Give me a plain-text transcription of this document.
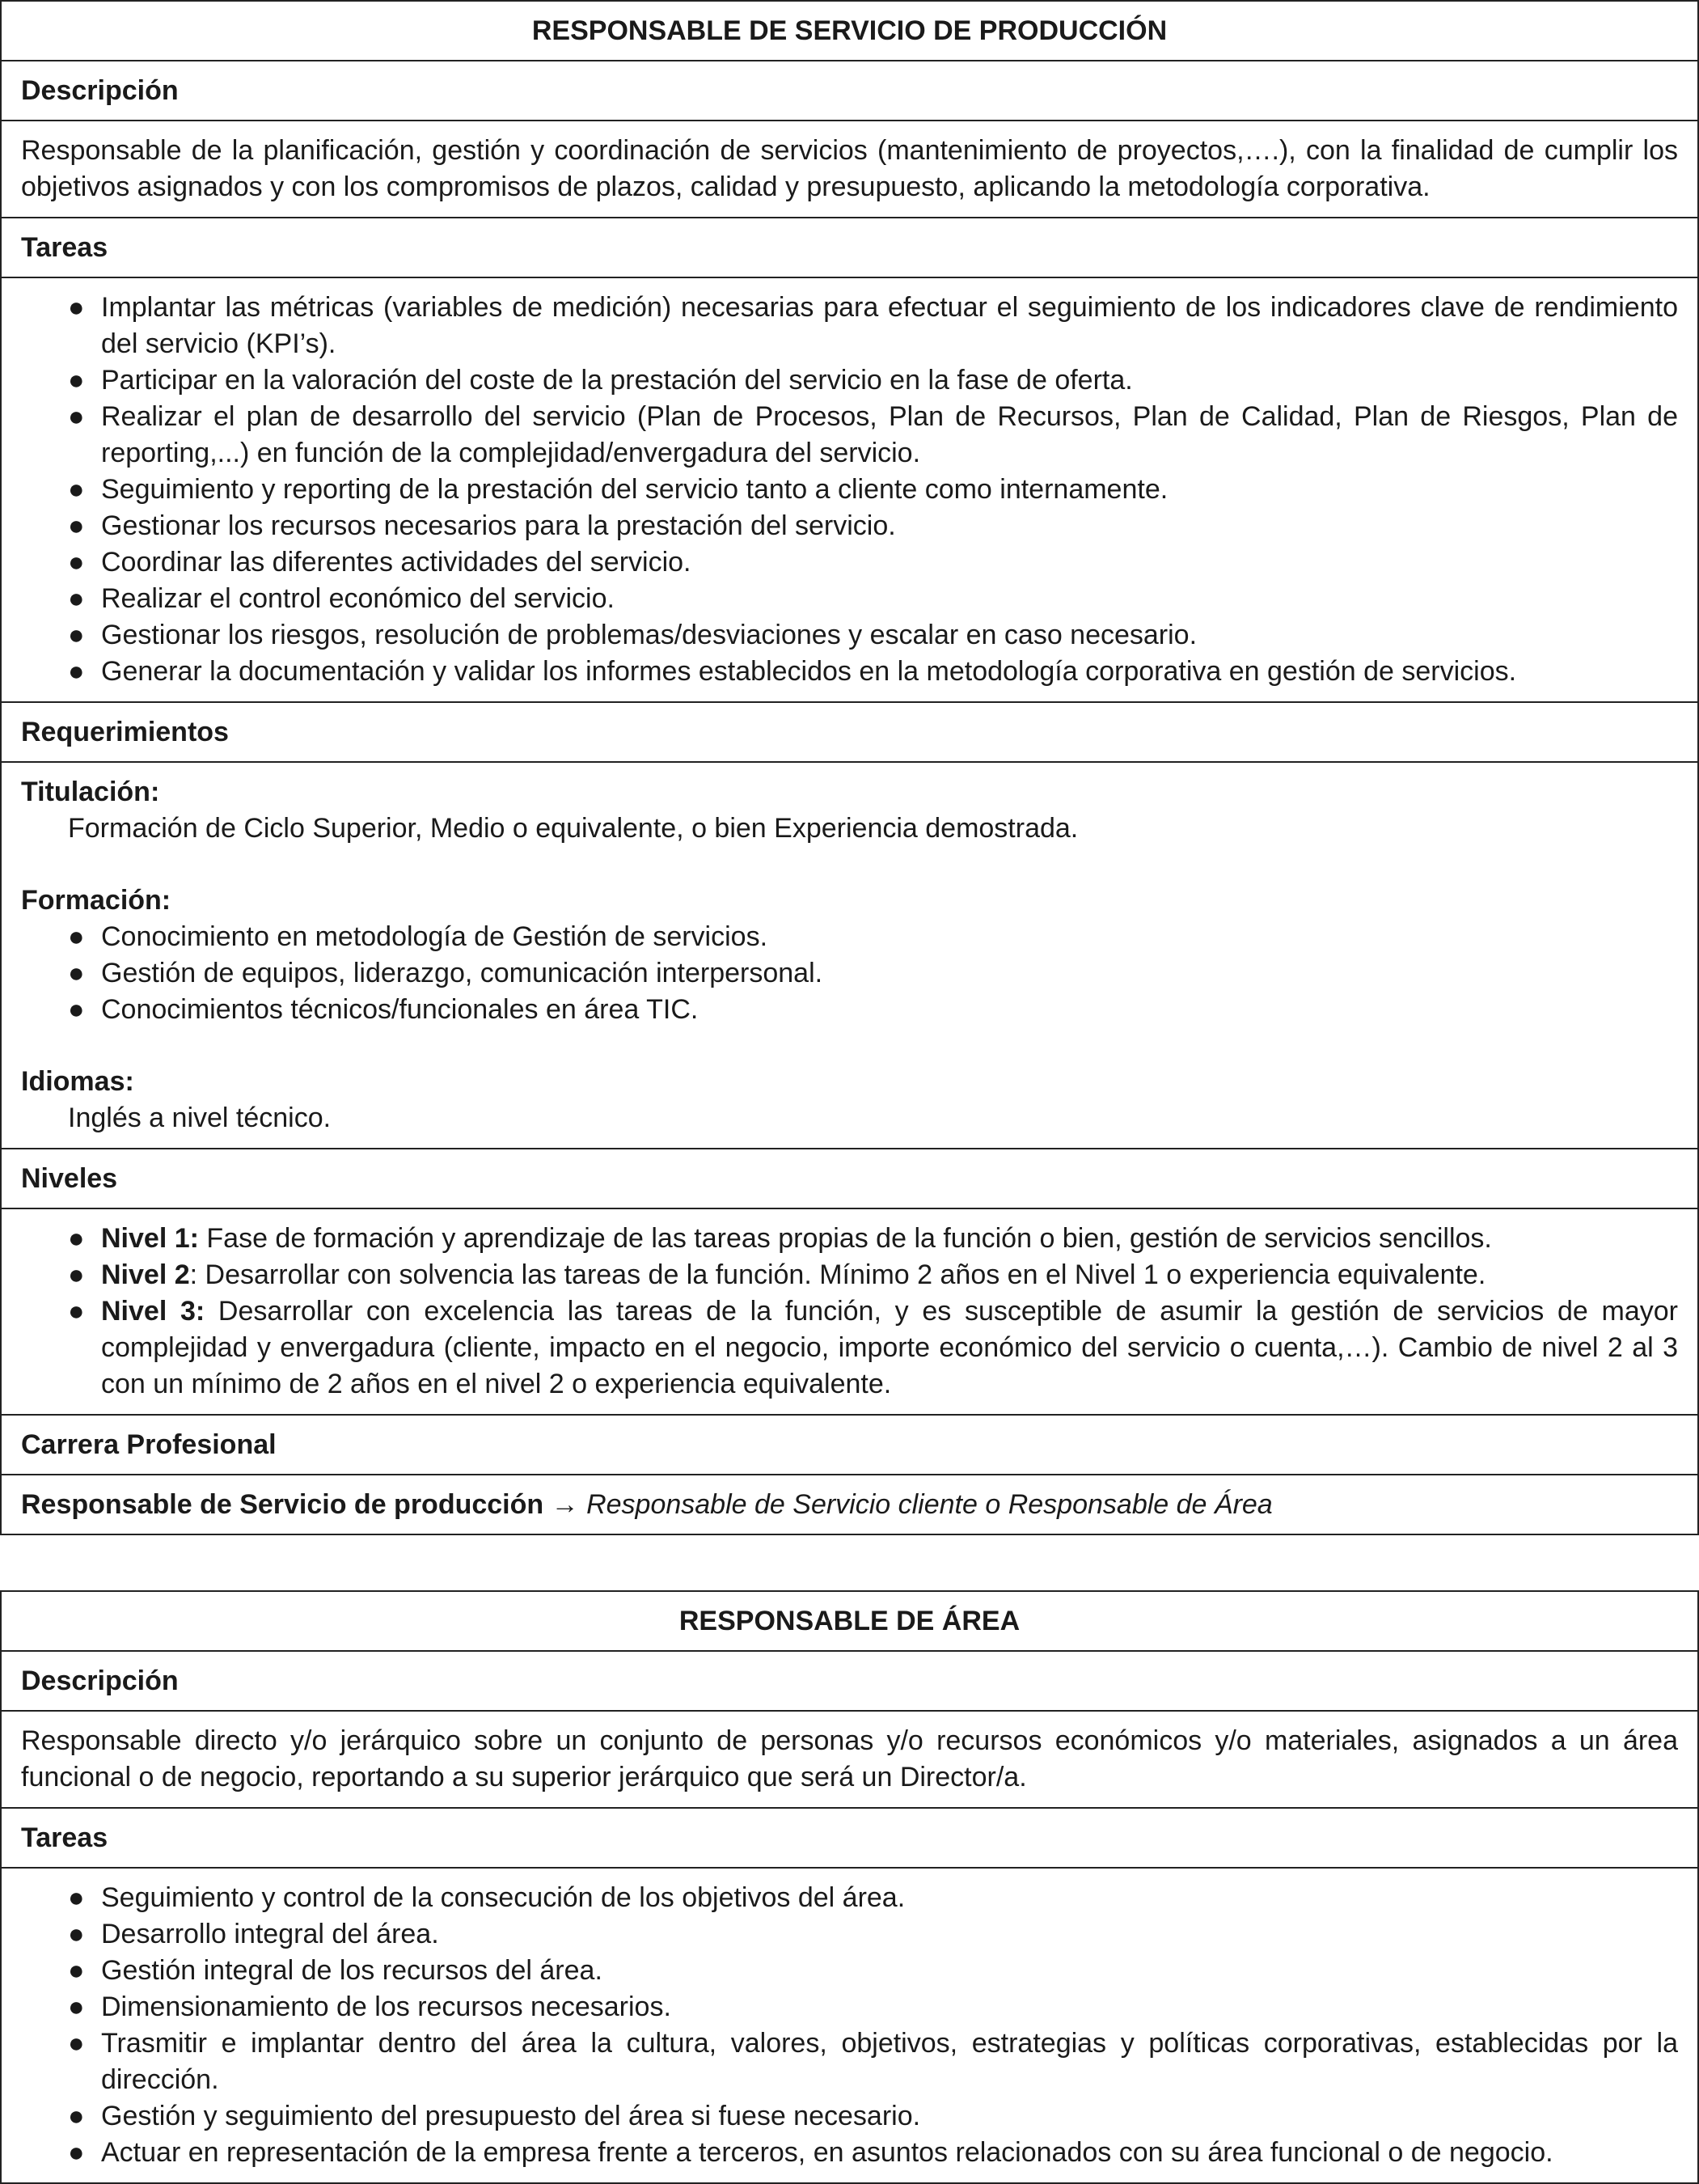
RESPONSABLE DE SERVICIO DE PRODUCCIÓN
Descripción
Responsable de la planificación, gestión y coordinación de servicios (mantenimiento de proyectos,….), con la finalidad de cumplir los objetivos asignados y con los compromisos de plazos, calidad y presupuesto, aplicando la metodología corporativa.
Tareas

● Implantar las métricas (variables de medición) necesarias para efectuar el seguimiento de los indicadores clave de rendimiento del servicio (KPI’s).
● Participar en la valoración del coste de la prestación del servicio en la fase de oferta.
● Realizar el plan de desarrollo del servicio (Plan de Procesos, Plan de Recursos, Plan de Calidad, Plan de Riesgos, Plan de reporting,...) en función de la complejidad/envergadura del servicio.
● Seguimiento y reporting de la prestación del servicio tanto a cliente como internamente.
● Gestionar los recursos necesarios para la prestación del servicio.
● Coordinar las diferentes actividades del servicio.
● Realizar el control económico del servicio.
● Gestionar los riesgos, resolución de problemas/desviaciones y escalar en caso necesario.
● Generar la documentación y validar los informes establecidos en la metodología corporativa en gestión de servicios.

Requerimientos

Titulación:
Formación de Ciclo Superior, Medio o equivalente, o bien Experiencia demostrada.
Formación:
● Conocimiento en metodología de Gestión de servicios.
● Gestión de equipos, liderazgo, comunicación interpersonal.
● Conocimientos técnicos/funcionales en área TIC.
Idiomas:
Inglés a nivel técnico.

Niveles

● Nivel 1: Fase de formación y aprendizaje de las tareas propias de la función o bien, gestión de servicios sencillos.
● Nivel 2: Desarrollar con solvencia las tareas de la función. Mínimo 2 años en el Nivel 1 o experiencia equivalente.
● Nivel 3: Desarrollar con excelencia las tareas de la función, y es susceptible de asumir la gestión de servicios de mayor complejidad y envergadura (cliente, impacto en el negocio, importe económico del servicio o cuenta,…). Cambio de nivel 2 al 3 con un mínimo de 2 años en el nivel 2 o experiencia equivalente.

Carrera Profesional
Responsable de Servicio de producción → Responsable de Servicio cliente o Responsable de Área
RESPONSABLE DE ÁREA
Descripción
Responsable directo y/o jerárquico sobre un conjunto de personas y/o recursos económicos y/o materiales, asignados a un área funcional o de negocio, reportando a su superior jerárquico que será un Director/a.
Tareas

● Seguimiento y control de la consecución de los objetivos del área.
● Desarrollo integral del área.
● Gestión integral de los recursos del área.
● Dimensionamiento de los recursos necesarios.
● Trasmitir e implantar dentro del área la cultura, valores, objetivos, estrategias y políticas corporativas, establecidas por la dirección.
● Gestión y seguimiento del presupuesto del área si fuese necesario.
● Actuar en representación de la empresa frente a terceros, en asuntos relacionados con su área funcional o de negocio.
